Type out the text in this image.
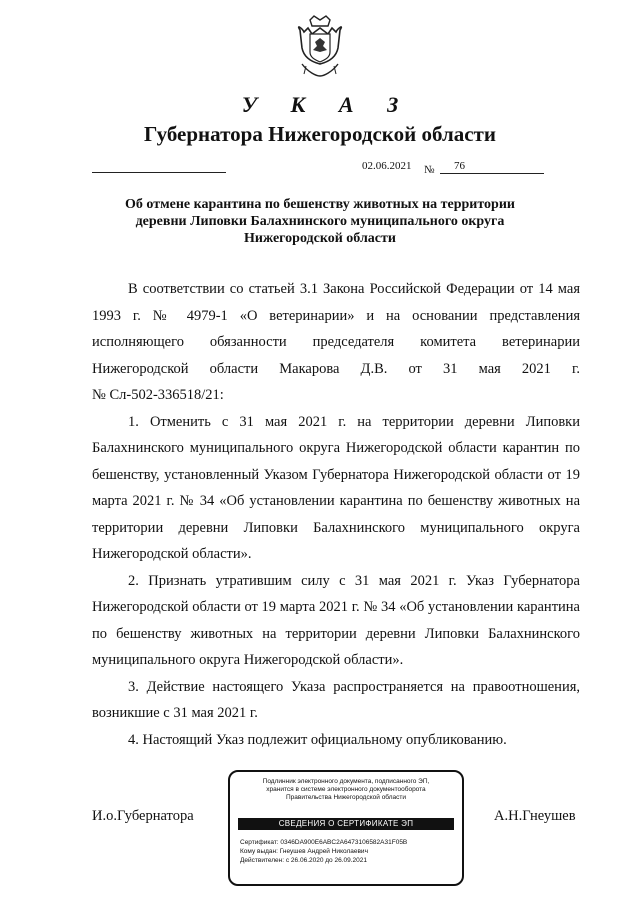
У К А З
Губернатора Нижегородской области
02.06.2021 № 76
Об отмене карантина по бешенству животных на территории
деревни Липовки Балахнинского муниципального округа
Нижегородской области

В соответствии со статьей 3.1 Закона Российской Федерации от 14 мая 1993 г. № 4979-1 «О ветеринарии» и на основании представления исполняющего обязанности председателя комитета ветеринарии Нижегородской области Макарова Д.В. от 31 мая 2021 г.

№ Сл-502-336518/21:

1. Отменить с 31 мая 2021 г. на территории деревни Липовки Балахнинского муниципального округа Нижегородской области карантин по бешенству, установленный Указом Губернатора Нижегородской области от 19 марта 2021 г. № 34 «Об установлении карантина по бешенству животных на территории деревни Липовки Балахнинского муниципального округа Нижегородской области».

2. Признать утратившим силу с 31 мая 2021 г. Указ Губернатора Нижегородской области от 19 марта 2021 г. № 34 «Об установлении карантина по бешенству животных на территории деревни Липовки Балахнинского муниципального округа Нижегородской области».

3. Действие настоящего Указа распространяется на правоотношения, возникшие с 31 мая 2021 г.

4. Настоящий Указ подлежит официальному опубликованию.

И.о.Губернатора	А.Н.Гнеушев
Подлинник электронного документа, подписанного ЭП,
хранится в системе электронного документооборота
Правительства Нижегородской области
СВЕДЕНИЯ О СЕРТИФИКАТЕ ЭП
Сертификат: 0346DA900E6ABC2A6473106582A31F05B
Кому выдан: Гнеушев Андрей Николаевич
Действителен: с 26.06.2020 до 26.09.2021
